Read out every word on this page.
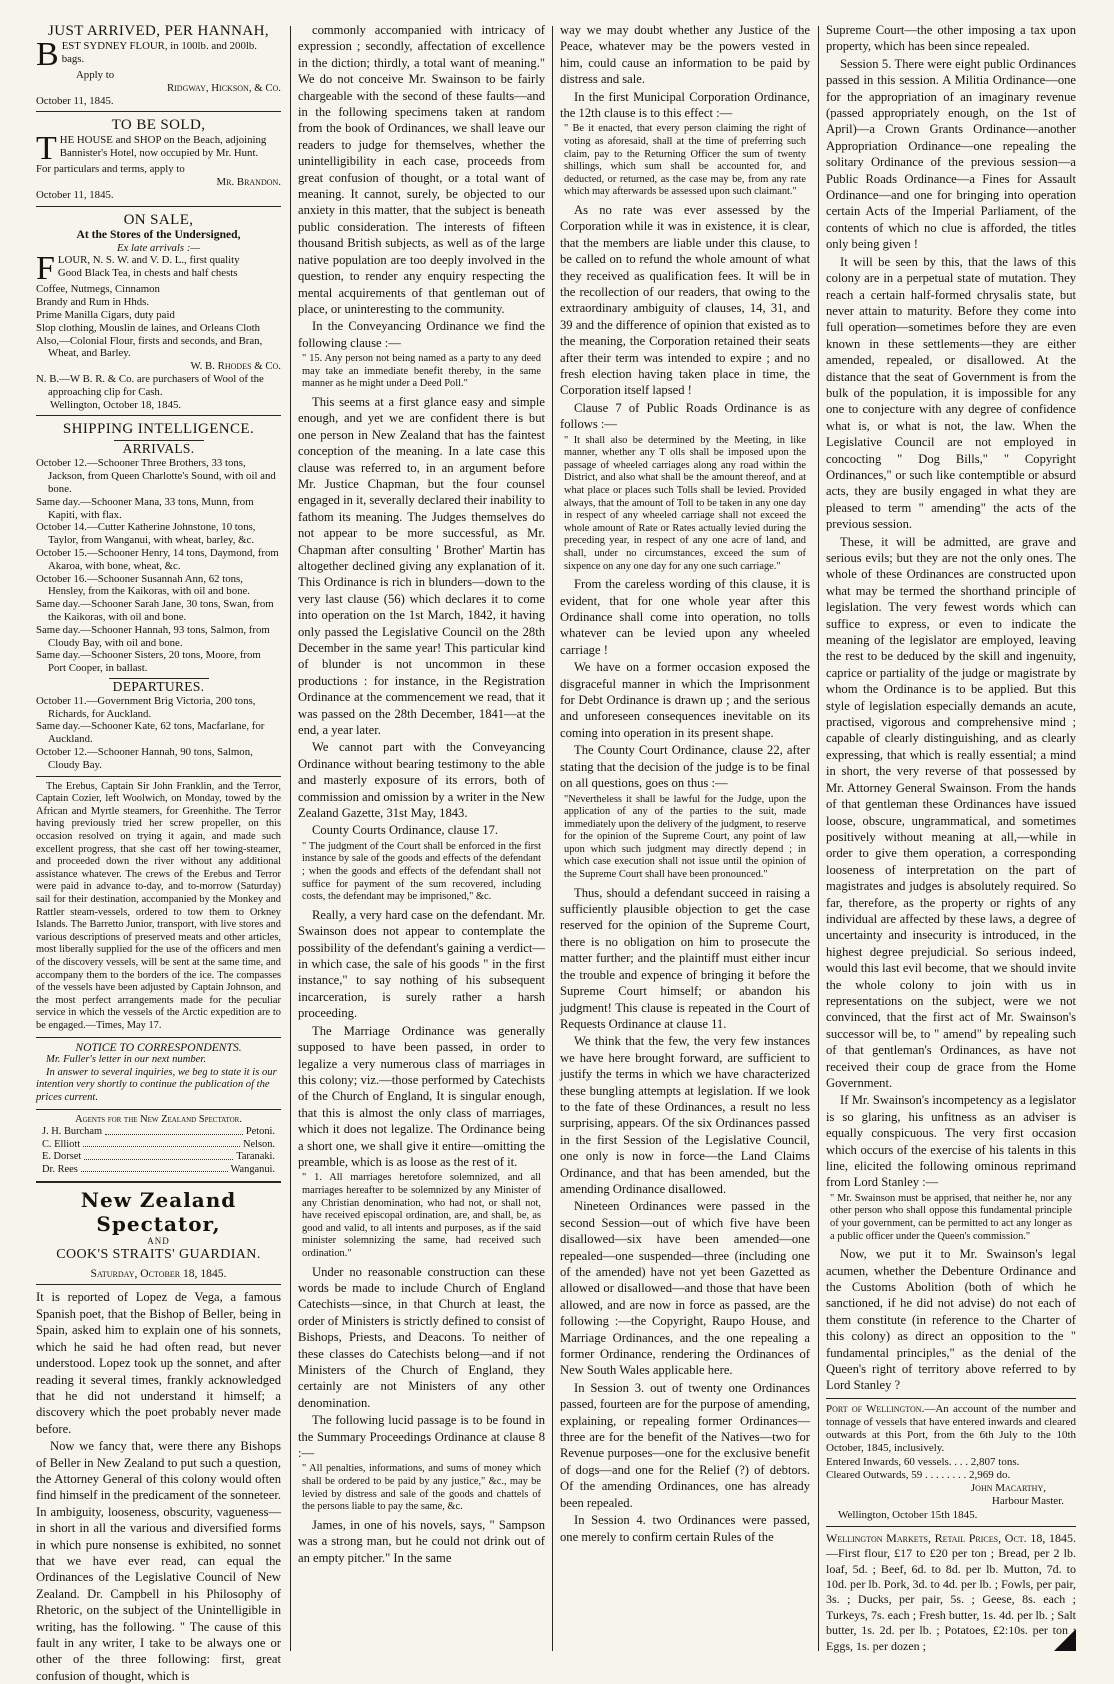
JUST ARRIVED, PER HANNAH,

BEST SYDNEY FLOUR, in 100lb. and 200lb. bags.

Apply to

Ridgway, Hickson, & Co.

October 11, 1845.

TO BE SOLD,

THE HOUSE and SHOP on the Beach, adjoining Bannister's Hotel, now occupied by Mr. Hunt.

For particulars and terms, apply to

Mr. Brandon.

October 11, 1845.

ON SALE,
At the Stores of the Undersigned,
Ex late arrivals :—

FLOUR, N. S. W. and V. D. L., first quality

Good Black Tea, in chests and half chests

Coffee, Nutmegs, Cinnamon

Brandy and Rum in Hhds.

Prime Manilla Cigars, duty paid

Slop clothing, Mouslin de laines, and Orleans Cloth

Also,—Colonial Flour, firsts and seconds, and Bran, Wheat, and Barley.

W. B. Rhodes & Co.

N. B.—W B. R. & Co. are purchasers of Wool of the approaching clip for Cash.

Wellington, October 18, 1845.

SHIPPING INTELLIGENCE.
ARRIVALS.

October 12.—Schooner Three Brothers, 33 tons, Jackson, from Queen Charlotte's Sound, with oil and bone.

Same day.—Schooner Mana, 33 tons, Munn, from Kapiti, with flax.

October 14.—Cutter Katherine Johnstone, 10 tons, Taylor, from Wanganui, with wheat, barley, &c.

October 15.—Schooner Henry, 14 tons, Daymond, from Akaroa, with bone, wheat, &c.

October 16.—Schooner Susannah Ann, 62 tons, Hensley, from the Kaikoras, with oil and bone.

Same day.—Schooner Sarah Jane, 30 tons, Swan, from the Kaikoras, with oil and bone.

Same day.—Schooner Hannah, 93 tons, Salmon, from Cloudy Bay, with oil and bone.

Same day.—Schooner Sisters, 20 tons, Moore, from Port Cooper, in ballast.

DEPARTURES.

October 11.—Government Brig Victoria, 200 tons, Richards, for Auckland.

Same day.—Schooner Kate, 62 tons, Macfarlane, for Auckland.

October 12.—Schooner Hannah, 90 tons, Salmon, Cloudy Bay.

The Erebus, Captain Sir John Franklin, and the Terror, Captain Cozier, left Woolwich, on Monday, towed by the African and Myrtle steamers, for Greenhithe. The Terror having previously tried her screw propeller, on this occasion resolved on trying it again, and made such excellent progress, that she cast off her towing-steamer, and proceeded down the river without any additional assistance whatever. The crews of the Erebus and Terror were paid in advance to-day, and to-morrow (Saturday) sail for their destination, accompanied by the Monkey and Rattler steam-vessels, ordered to tow them to Orkney Islands. The Barretto Junior, transport, with live stores and various descriptions of preserved meats and other articles, most liberally supplied for the use of the officers and men of the discovery vessels, will be sent at the same time, and accompany them to the borders of the ice. The compasses of the vessels have been adjusted by Captain Johnson, and the most perfect arrangements made for the peculiar service in which the vessels of the Arctic expedition are to be engaged.—Times, May 17.
NOTICE TO CORRESPONDENTS.

Mr. Fuller's letter in our next number.

In answer to several inquiries, we beg to state it is our intention very shortly to continue the publication of the prices current.

Agents for the New Zealand Spectator.
J. H. Burcham	Petoni.
C. Elliott	Nelson.
E. Dorset	Taranaki.
Dr. Rees	Wanganui.
New Zealand Spectator,
AND
COOK'S STRAITS' GUARDIAN.
Saturday, October 18, 1845.

It is reported of Lopez de Vega, a famous Spanish poet, that the Bishop of Beller, being in Spain, asked him to explain one of his sonnets, which he said he had often read, but never understood. Lopez took up the sonnet, and after reading it several times, frankly acknowledged that he did not understand it himself; a discovery which the poet probably never made before.

Now we fancy that, were there any Bishops of Beller in New Zealand to put such a question, the Attorney General of this colony would often find himself in the predicament of the sonneteer. In ambiguity, looseness, obscurity, vagueness—in short in all the various and diversified forms in which pure nonsense is exhibited, no sonnet that we have ever read, can equal the Ordinances of the Legislative Council of New Zealand. Dr. Campbell in his Philosophy of Rhetoric, on the subject of the Unintelligible in writing, has the following. " The cause of this fault in any writer, I take to be always one or other of the three following: first, great confusion of thought, which is

commonly accompanied with intricacy of expression ; secondly, affectation of excellence in the diction; thirdly, a total want of meaning." We do not conceive Mr. Swainson to be fairly chargeable with the second of these faults—and in the following specimens taken at random from the book of Ordinances, we shall leave our readers to judge for themselves, whether the unintelligibility in each case, proceeds from great confusion of thought, or a total want of meaning. It cannot, surely, be objected to our anxiety in this matter, that the subject is beneath public consideration. The interests of fifteen thousand British subjects, as well as of the large native population are too deeply involved in the question, to render any enquiry respecting the mental acquirements of that gentleman out of place, or uninteresting to the community.

In the Conveyancing Ordinance we find the following clause :—

" 15. Any person not being named as a party to any deed may take an immediate benefit thereby, in the same manner as he might under a Deed Poll."

This seems at a first glance easy and simple enough, and yet we are confident there is but one person in New Zealand that has the faintest conception of the meaning. In a late case this clause was referred to, in an argument before Mr. Justice Chapman, but the four counsel engaged in it, severally declared their inability to fathom its meaning. The Judges themselves do not appear to be more successful, as Mr. Chapman after consulting ' Brother' Martin has altogether declined giving any explanation of it. This Ordinance is rich in blunders—down to the very last clause (56) which declares it to come into operation on the 1st March, 1842, it having only passed the Legislative Council on the 28th December in the same year! This particular kind of blunder is not uncommon in these productions : for instance, in the Registration Ordinance at the commencement we read, that it was passed on the 28th December, 1841—at the end, a year later.

We cannot part with the Conveyancing Ordinance without bearing testimony to the able and masterly exposure of its errors, both of commission and omission by a writer in the New Zealand Gazette, 31st May, 1843.

County Courts Ordinance, clause 17.

" The judgment of the Court shall be enforced in the first instance by sale of the goods and effects of the defendant ; when the goods and effects of the defendant shall not suffice for payment of the sum recovered, including costs, the defendant may be imprisoned," &c.

Really, a very hard case on the defendant. Mr. Swainson does not appear to contemplate the possibility of the defendant's gaining a verdict—in which case, the sale of his goods " in the first instance," to say nothing of his subsequent incarceration, is surely rather a harsh proceeding.

The Marriage Ordinance was generally supposed to have been passed, in order to legalize a very numerous class of marriages in this colony; viz.—those performed by Catechists of the Church of England, It is singular enough, that this is almost the only class of marriages, which it does not legalize. The Ordinance being a short one, we shall give it entire—omitting the preamble, which is as loose as the rest of it.

" 1. All marriages heretofore solemnized, and all marriages hereafter to be solemnized by any Minister of any Christian denomination, who had not, or shall not, have received episcopal ordination, are, and shall, be, as good and valid, to all intents and purposes, as if the said minister solemnizing the same, had received such ordination."

Under no reasonable construction can these words be made to include Church of England Catechists—since, in that Church at least, the order of Ministers is strictly defined to consist of Bishops, Priests, and Deacons. To neither of these classes do Catechists belong—and if not Ministers of the Church of England, they certainly are not Ministers of any other denomination.

The following lucid passage is to be found in the Summary Proceedings Ordinance at clause 8 :—

" All penalties, informations, and sums of money which shall be ordered to be paid by any justice," &c., may be levied by distress and sale of the goods and chattels of the persons liable to pay the same, &c.

James, in one of his novels, says, " Sampson was a strong man, but he could not drink out of an empty pitcher." In the same

way we may doubt whether any Justice of the Peace, whatever may be the powers vested in him, could cause an information to be paid by distress and sale.

In the first Municipal Corporation Ordinance, the 12th clause is to this effect :—

" Be it enacted, that every person claiming the right of voting as aforesaid, shall at the time of preferring such claim, pay to the Returning Officer the sum of twenty shillings, which sum shall be accounted for, and deducted, or returned, as the case may be, from any rate which may afterwards be assessed upon such claimant."

As no rate was ever assessed by the Corporation while it was in existence, it is clear, that the members are liable under this clause, to be called on to refund the whole amount of what they received as qualification fees. It will be in the recollection of our readers, that owing to the extraordinary ambiguity of clauses, 14, 31, and 39 and the difference of opinion that existed as to the meaning, the Corporation retained their seats after their term was intended to expire ; and no fresh election having taken place in time, the Corporation itself lapsed !

Clause 7 of Public Roads Ordinance is as follows :—

" It shall also be determined by the Meeting, in like manner, whether any T olls shall be imposed upon the passage of wheeled carriages along any road within the District, and also what shall be the amount thereof, and at what place or places such Tolls shall be levied. Provided always, that the amount of Toll to be taken in any one day in respect of any wheeled carriage shall not exceed the whole amount of Rate or Rates actually levied during the preceding year, in respect of any one acre of land, and shall, under no circumstances, exceed the sum of sixpence on any one day for any one such carriage."

From the careless wording of this clause, it is evident, that for one whole year after this Ordinance shall come into operation, no tolls whatever can be levied upon any wheeled carriage !

We have on a former occasion exposed the disgraceful manner in which the Imprisonment for Debt Ordinance is drawn up ; and the serious and unforeseen consequences inevitable on its coming into operation in its present shape.

The County Court Ordinance, clause 22, after stating that the decision of the judge is to be final on all questions, goes on thus :—

"Nevertheless it shall be lawful for the Judge, upon the application of any of the parties to the suit, made immediately upon the delivery of the judgment, to reserve for the opinion of the Supreme Court, any point of law upon which such judgment may directly depend ; in which case execution shall not issue until the opinion of the Supreme Court shall have been pronounced."

Thus, should a defendant succeed in raising a sufficiently plausible objection to get the case reserved for the opinion of the Supreme Court, there is no obligation on him to prosecute the matter further; and the plaintiff must either incur the trouble and expence of bringing it before the Supreme Court himself; or abandon his judgment! This clause is repeated in the Court of Requests Ordinance at clause 11.

We think that the few, the very few instances we have here brought forward, are sufficient to justify the terms in which we have characterized these bungling attempts at legislation. If we look to the fate of these Ordinances, a result no less surprising, appears. Of the six Ordinances passed in the first Session of the Legislative Council, one only is now in force—the Land Claims Ordinance, and that has been amended, but the amending Ordinance disallowed.

Nineteen Ordinances were passed in the second Session—out of which five have been disallowed—six have been amended—one repealed—one suspended—three (including one of the amended) have not yet been Gazetted as allowed or disallowed—and those that have been allowed, and are now in force as passed, are the following :—the Copyright, Raupo House, and Marriage Ordinances, and the one repealing a former Ordinance, rendering the Ordinances of New South Wales applicable here.

In Session 3. out of twenty one Ordinances passed, fourteen are for the purpose of amending, explaining, or repealing former Ordinances—three are for the benefit of the Natives—two for Revenue purposes—one for the exclusive benefit of dogs—and one for the Relief (?) of debtors. Of the amending Ordinances, one has already been repealed.

In Session 4. two Ordinances were passed, one merely to confirm certain Rules of the

Supreme Court—the other imposing a tax upon property, which has been since repealed.

Session 5. There were eight public Ordinances passed in this session. A Militia Ordinance—one for the appropriation of an imaginary revenue (passed appropriately enough, on the 1st of April)—a Crown Grants Ordinance—another Appropriation Ordinance—one repealing the solitary Ordinance of the previous session—a Public Roads Ordinance—a Fines for Assault Ordinance—and one for bringing into operation certain Acts of the Imperial Parliament, of the contents of which no clue is afforded, the titles only being given !

It will be seen by this, that the laws of this colony are in a perpetual state of mutation. They reach a certain half-formed chrysalis state, but never attain to maturity. Before they come into full operation—sometimes before they are even known in these settlements—they are either amended, repealed, or disallowed. At the distance that the seat of Government is from the bulk of the population, it is impossible for any one to conjecture with any degree of confidence what is, or what is not, the law. When the Legislative Council are not employed in concocting " Dog Bills," " Copyright Ordinances," or such like contemptible or absurd acts, they are busily engaged in what they are pleased to term " amending" the acts of the previous session.

These, it will be admitted, are grave and serious evils; but they are not the only ones. The whole of these Ordinances are constructed upon what may be termed the shorthand principle of legislation. The very fewest words which can suffice to express, or even to indicate the meaning of the legislator are employed, leaving the rest to be deduced by the skill and ingenuity, caprice or partiality of the judge or magistrate by whom the Ordinance is to be applied. But this style of legislation especially demands an acute, practised, vigorous and comprehensive mind ; capable of clearly distinguishing, and as clearly expressing, that which is really essential; a mind in short, the very reverse of that possessed by Mr. Attorney General Swainson. From the hands of that gentleman these Ordinances have issued loose, obscure, ungrammatical, and sometimes positively without meaning at all,—while in order to give them operation, a corresponding looseness of interpretation on the part of magistrates and judges is absolutely required. So far, therefore, as the property or rights of any individual are affected by these laws, a degree of uncertainty and insecurity is introduced, in the highest degree prejudicial. So serious indeed, would this last evil become, that we should invite the whole colony to join with us in representations on the subject, were we not convinced, that the first act of Mr. Swainson's successor will be, to " amend" by repealing such of that gentleman's Ordinances, as have not received their coup de grace from the Home Government.

If Mr. Swainson's incompetency as a legislator is so glaring, his unfitness as an adviser is equally conspicuous. The very first occasion which occurs of the exercise of his talents in this line, elicited the following ominous reprimand from Lord Stanley :—

" Mr. Swainson must be apprised, that neither he, nor any other person who shall oppose this fundamental principle of your government, can be permitted to act any longer as a public officer under the Queen's commission."

Now, we put it to Mr. Swainson's legal acumen, whether the Debenture Ordinance and the Customs Abolition (both of which he sanctioned, if he did not advise) do not each of them constitute (in reference to the Charter of this colony) as direct an opposition to the " fundamental principles," as the denial of the Queen's right of territory above referred to by Lord Stanley ?

Port of Wellington.—An account of the number and tonnage of vessels that have entered inwards and cleared outwards at this Port, from the 6th July to the 10th October, 1845, inclusively.

Entered Inwards, 60 vessels. . . . 2,807 tons.

Cleared Outwards, 59 . . . . . . . . 2,969 do.

John Macarthy,

Harbour Master.

Wellington, October 15th 1845.

Wellington Markets, Retail Prices, Oct. 18, 1845.—First flour, £17 to £20 per ton ; Bread, per 2 lb. loaf, 5d. ; Beef, 6d. to 8d. per lb. Mutton, 7d. to 10d. per lb. Pork, 3d. to 4d. per lb. ; Fowls, per pair, 3s. ; Ducks, per pair, 5s. ; Geese, 8s. each ; Turkeys, 7s. each ; Fresh butter, 1s. 4d. per lb. ; Salt butter, 1s. 2d. per lb. ; Potatoes, £2:10s. per ton ; Eggs, 1s. per dozen ;
